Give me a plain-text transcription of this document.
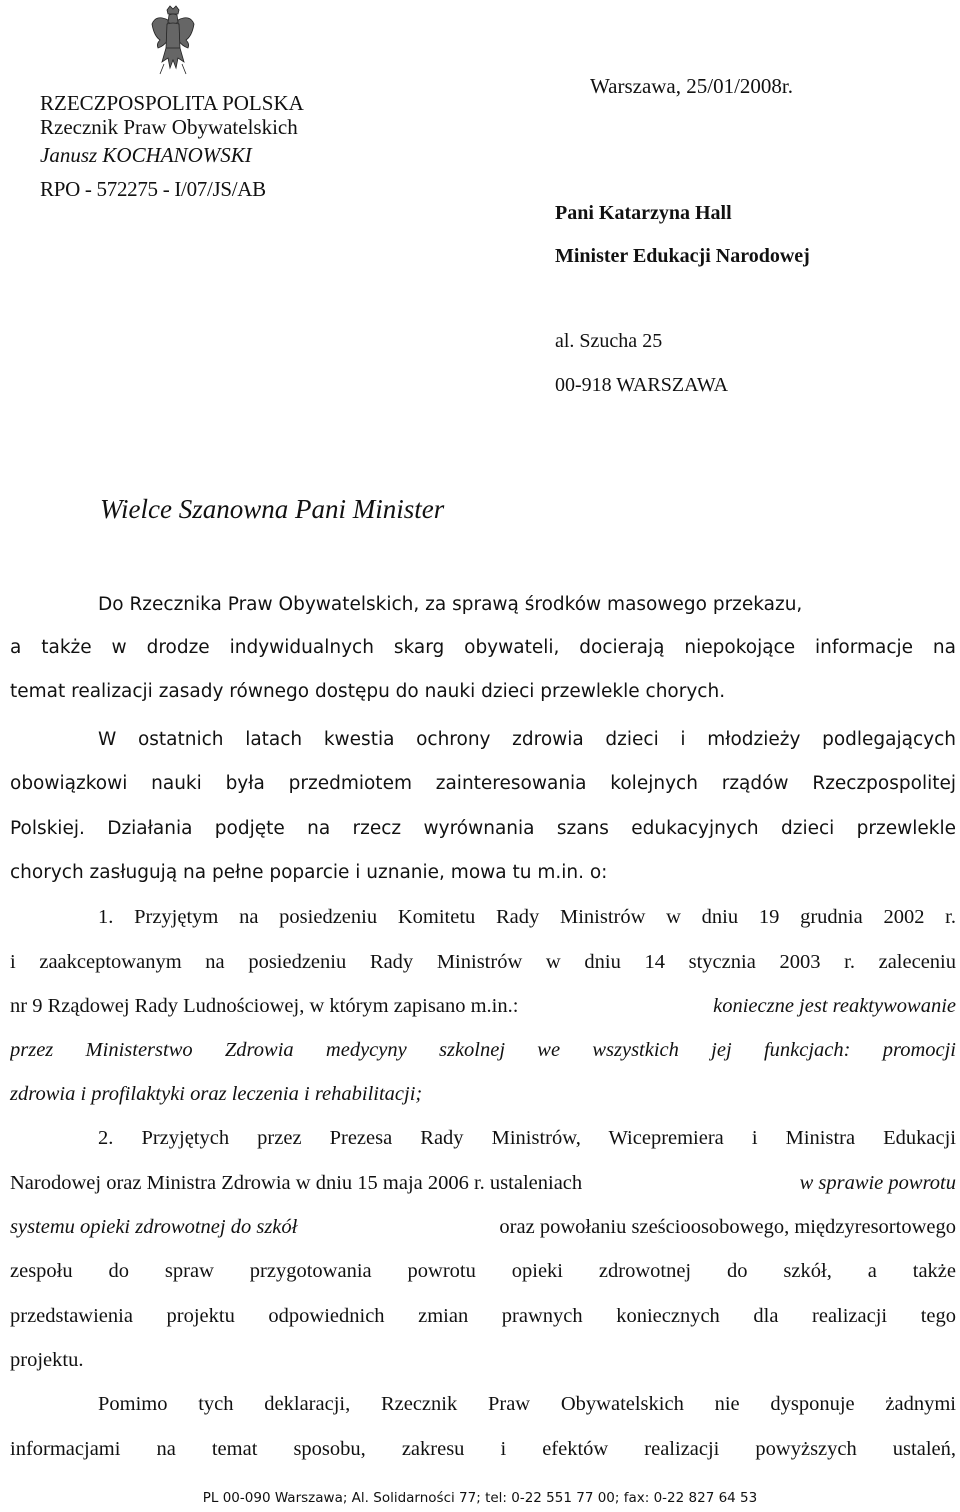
RZECZPOSPOLITA POLSKA
Rzecznik Praw Obywatelskich
Janusz KOCHANOWSKI
RPO - 572275 - I/07/JS/AB
Warszawa, 25/01/2008r.
Pani Katarzyna Hall
Minister Edukacji Narodowej
al. Szucha 25
00-918 WARSZAWA
Wielce Szanowna Pani Minister
Do Rzecznika Praw Obywatelskich, za sprawą środków masowego przekazu,
a także w drodze indywidualnych skarg obywateli, docierają niepokojące informacje na
temat realizacji zasady równego dostępu do nauki dzieci przewlekle chorych.
W ostatnich latach kwestia ochrony zdrowia dzieci i młodzieży podlegających
obowiązkowi nauki była przedmiotem zainteresowania kolejnych rządów Rzeczpospolitej
Polskiej. Działania podjęte na rzecz wyrównania szans edukacyjnych dzieci przewlekle
chorych zasługują na pełne poparcie i uznanie, mowa tu m.in. o:
1. Przyjętym na posiedzeniu Komitetu Rady Ministrów w dniu 19 grudnia 2002 r.
i zaakceptowanym na posiedzeniu Rady Ministrów w dniu 14 stycznia 2003 r. zaleceniu
nr 9 Rządowej Rady Ludnościowej, w którym zapisano m.in.:	konieczne jest reaktywowanie
przez Ministerstwo Zdrowia medycyny szkolnej we wszystkich jej funkcjach: promocji
zdrowia i profilaktyki oraz leczenia i rehabilitacji;
2. Przyjętych przez Prezesa Rady Ministrów, Wicepremiera i Ministra Edukacji
Narodowej oraz Ministra Zdrowia w dniu 15 maja 2006 r. ustaleniach	w sprawie powrotu
systemu opieki zdrowotnej do szkół	oraz powołaniu sześcioosobowego, międzyresortowego
zespołu do spraw przygotowania powrotu opieki zdrowotnej do szkół, a także
przedstawienia projektu odpowiednich zmian prawnych koniecznych dla realizacji tego
projektu.
Pomimo tych deklaracji, Rzecznik Praw Obywatelskich nie dysponuje żadnymi
informacjami na temat sposobu, zakresu i efektów realizacji powyższych ustaleń,
PL 00-090 Warszawa; Al. Solidarności 77; tel: 0-22 551 77 00; fax: 0-22 827 64 53
